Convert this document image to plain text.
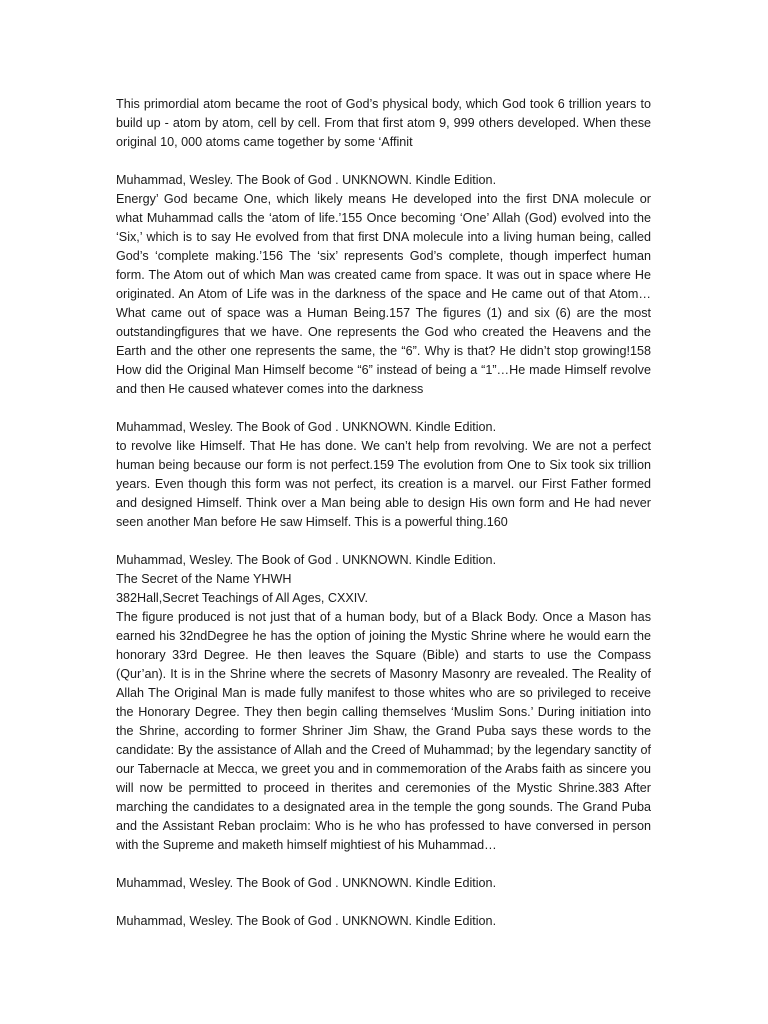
This primordial atom became the root of God’s physical body, which God took 6 trillion years to build up - atom by atom, cell by cell. From that first atom 9, 999 others developed. When these original 10, 000 atoms came together by some ‘Affinit

Muhammad, Wesley. The Book of God . UNKNOWN. Kindle Edition.

Energy’ God became One, which likely means He developed into the first DNA molecule or what Muhammad calls the ‘atom of life.’155 Once becoming ‘One’ Allah (God) evolved into the ‘Six,’ which is to say He evolved from that first DNA molecule into a living human being, called God’s ‘complete making.’156 The ‘six’ represents God’s complete, though imperfect human form. The Atom out of which Man was created came from space. It was out in space where He originated. An Atom of Life was in the darkness of the space and He came out of that Atom…What came out of space was a Human Being.157 The figures (1) and six (6) are the most outstandingfigures that we have. One represents the God who created the Heavens and the Earth and the other one represents the same, the “6”. Why is that? He didn’t stop growing!158 How did the Original Man Himself become “6” instead of being a “1”…He made Himself revolve and then He caused whatever comes into the darkness

Muhammad, Wesley. The Book of God . UNKNOWN. Kindle Edition.

to revolve like Himself. That He has done. We can’t help from revolving. We are not a perfect human being because our form is not perfect.159 The evolution from One to Six took six trillion years. Even though this form was not perfect, its creation is a marvel. our First Father formed and designed Himself. Think over a Man being able to design His own form and He had never seen another Man before He saw Himself. This is a powerful thing.160

Muhammad, Wesley. The Book of God . UNKNOWN. Kindle Edition.

The Secret of the Name YHWH

382Hall,Secret Teachings of All Ages, CXXIV.

The figure produced is not just that of a human body, but of a Black Body. Once a Mason has earned his 32ndDegree he has the option of joining the Mystic Shrine where he would earn the honorary 33rd Degree. He then leaves the Square (Bible) and starts to use the Compass (Qur’an). It is in the Shrine where the secrets of Masonry Masonry are revealed. The Reality of Allah The Original Man is made fully manifest to those whites who are so privileged to receive the Honorary Degree. They then begin calling themselves ‘Muslim Sons.’ During initiation into the Shrine, according to former Shriner Jim Shaw, the Grand Puba says these words to the candidate: By the assistance of Allah and the Creed of Muhammad; by the legendary sanctity of our Tabernacle at Mecca, we greet you and in commemoration of the Arabs faith as sincere you will now be permitted to proceed in therites and ceremonies of the Mystic Shrine.383 After marching the candidates to a designated area in the temple the gong sounds. The Grand Puba and the Assistant Reban proclaim: Who is he who has professed to have conversed in person with the Supreme and maketh himself mightiest of his Muhammad…

Muhammad, Wesley. The Book of God . UNKNOWN. Kindle Edition.

Muhammad, Wesley. The Book of God . UNKNOWN. Kindle Edition.
